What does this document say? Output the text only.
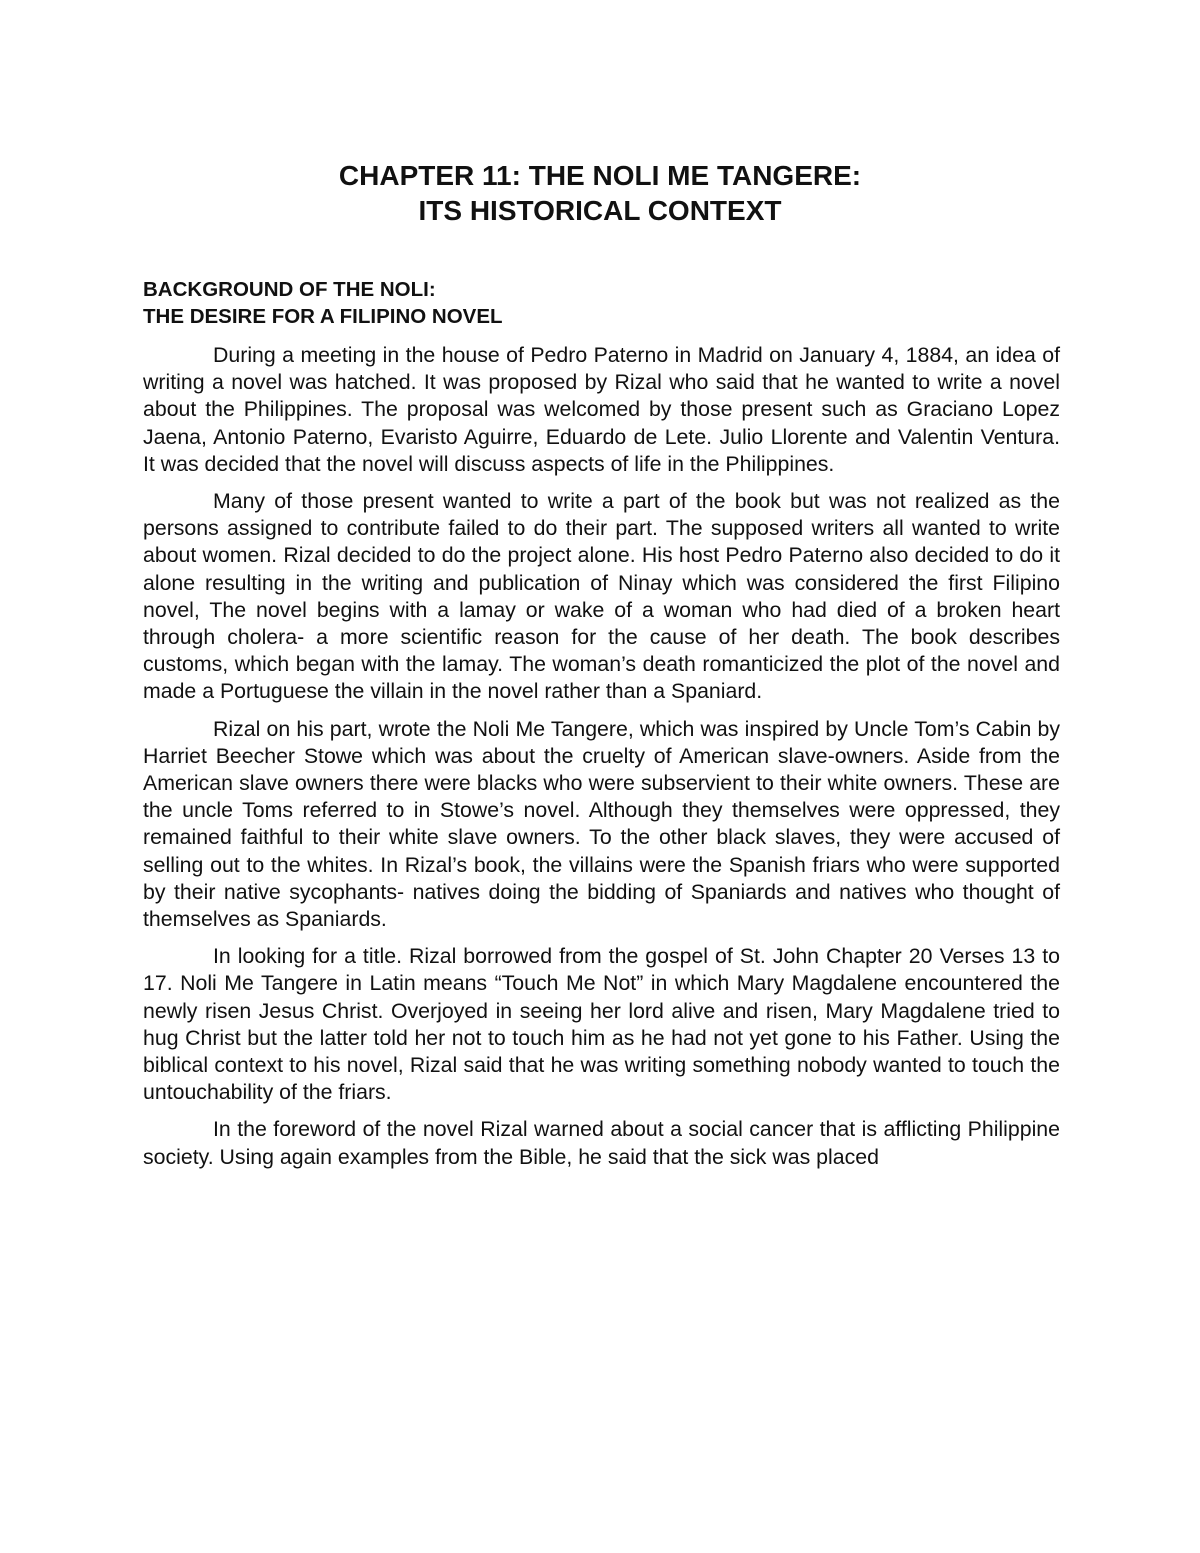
CHAPTER 11: THE NOLI ME TANGERE:
ITS HISTORICAL CONTEXT
BACKGROUND OF THE NOLI:
THE DESIRE FOR A FILIPINO NOVEL

During a meeting in the house of Pedro Paterno in Madrid on January 4, 1884, an idea of writing a novel was hatched. It was proposed by Rizal who said that he wanted to write a novel about the Philippines. The proposal was welcomed by those present such as Graciano Lopez Jaena, Antonio Paterno, Evaristo Aguirre, Eduardo de Lete. Julio Llorente and Valentin Ventura. It was decided that the novel will discuss aspects of life in the Philippines.

Many of those present wanted to write a part of the book but was not realized as the persons assigned to contribute failed to do their part. The supposed writers all wanted to write about women. Rizal decided to do the project alone. His host Pedro Paterno also decided to do it alone resulting in the writing and publication of Ninay which was considered the first Filipino novel, The novel begins with a lamay or wake of a woman who had died of a broken heart through cholera- a more scientific reason for the cause of her death. The book describes customs, which began with the lamay. The woman’s death romanticized the plot of the novel and made a Portuguese the villain in the novel rather than a Spaniard.

Rizal on his part, wrote the Noli Me Tangere, which was inspired by Uncle Tom’s Cabin by Harriet Beecher Stowe which was about the cruelty of American slave-owners. Aside from the American slave owners there were blacks who were subservient to their white owners. These are the uncle Toms referred to in Stowe’s novel. Although they themselves were oppressed, they remained faithful to their white slave owners. To the other black slaves, they were accused of selling out to the whites. In Rizal’s book, the villains were the Spanish friars who were supported by their native sycophants- natives doing the bidding of Spaniards and natives who thought of themselves as Spaniards.

In looking for a title. Rizal borrowed from the gospel of St. John Chapter 20 Verses 13 to 17. Noli Me Tangere in Latin means “Touch Me Not” in which Mary Magdalene encountered the newly risen Jesus Christ. Overjoyed in seeing her lord alive and risen, Mary Magdalene tried to hug Christ but the latter told her not to touch him as he had not yet gone to his Father. Using the biblical context to his novel, Rizal said that he was writing something nobody wanted to touch the untouchability of the friars.

In the foreword of the novel Rizal warned about a social cancer that is afflicting Philippine society. Using again examples from the Bible, he said that the sick was placed
